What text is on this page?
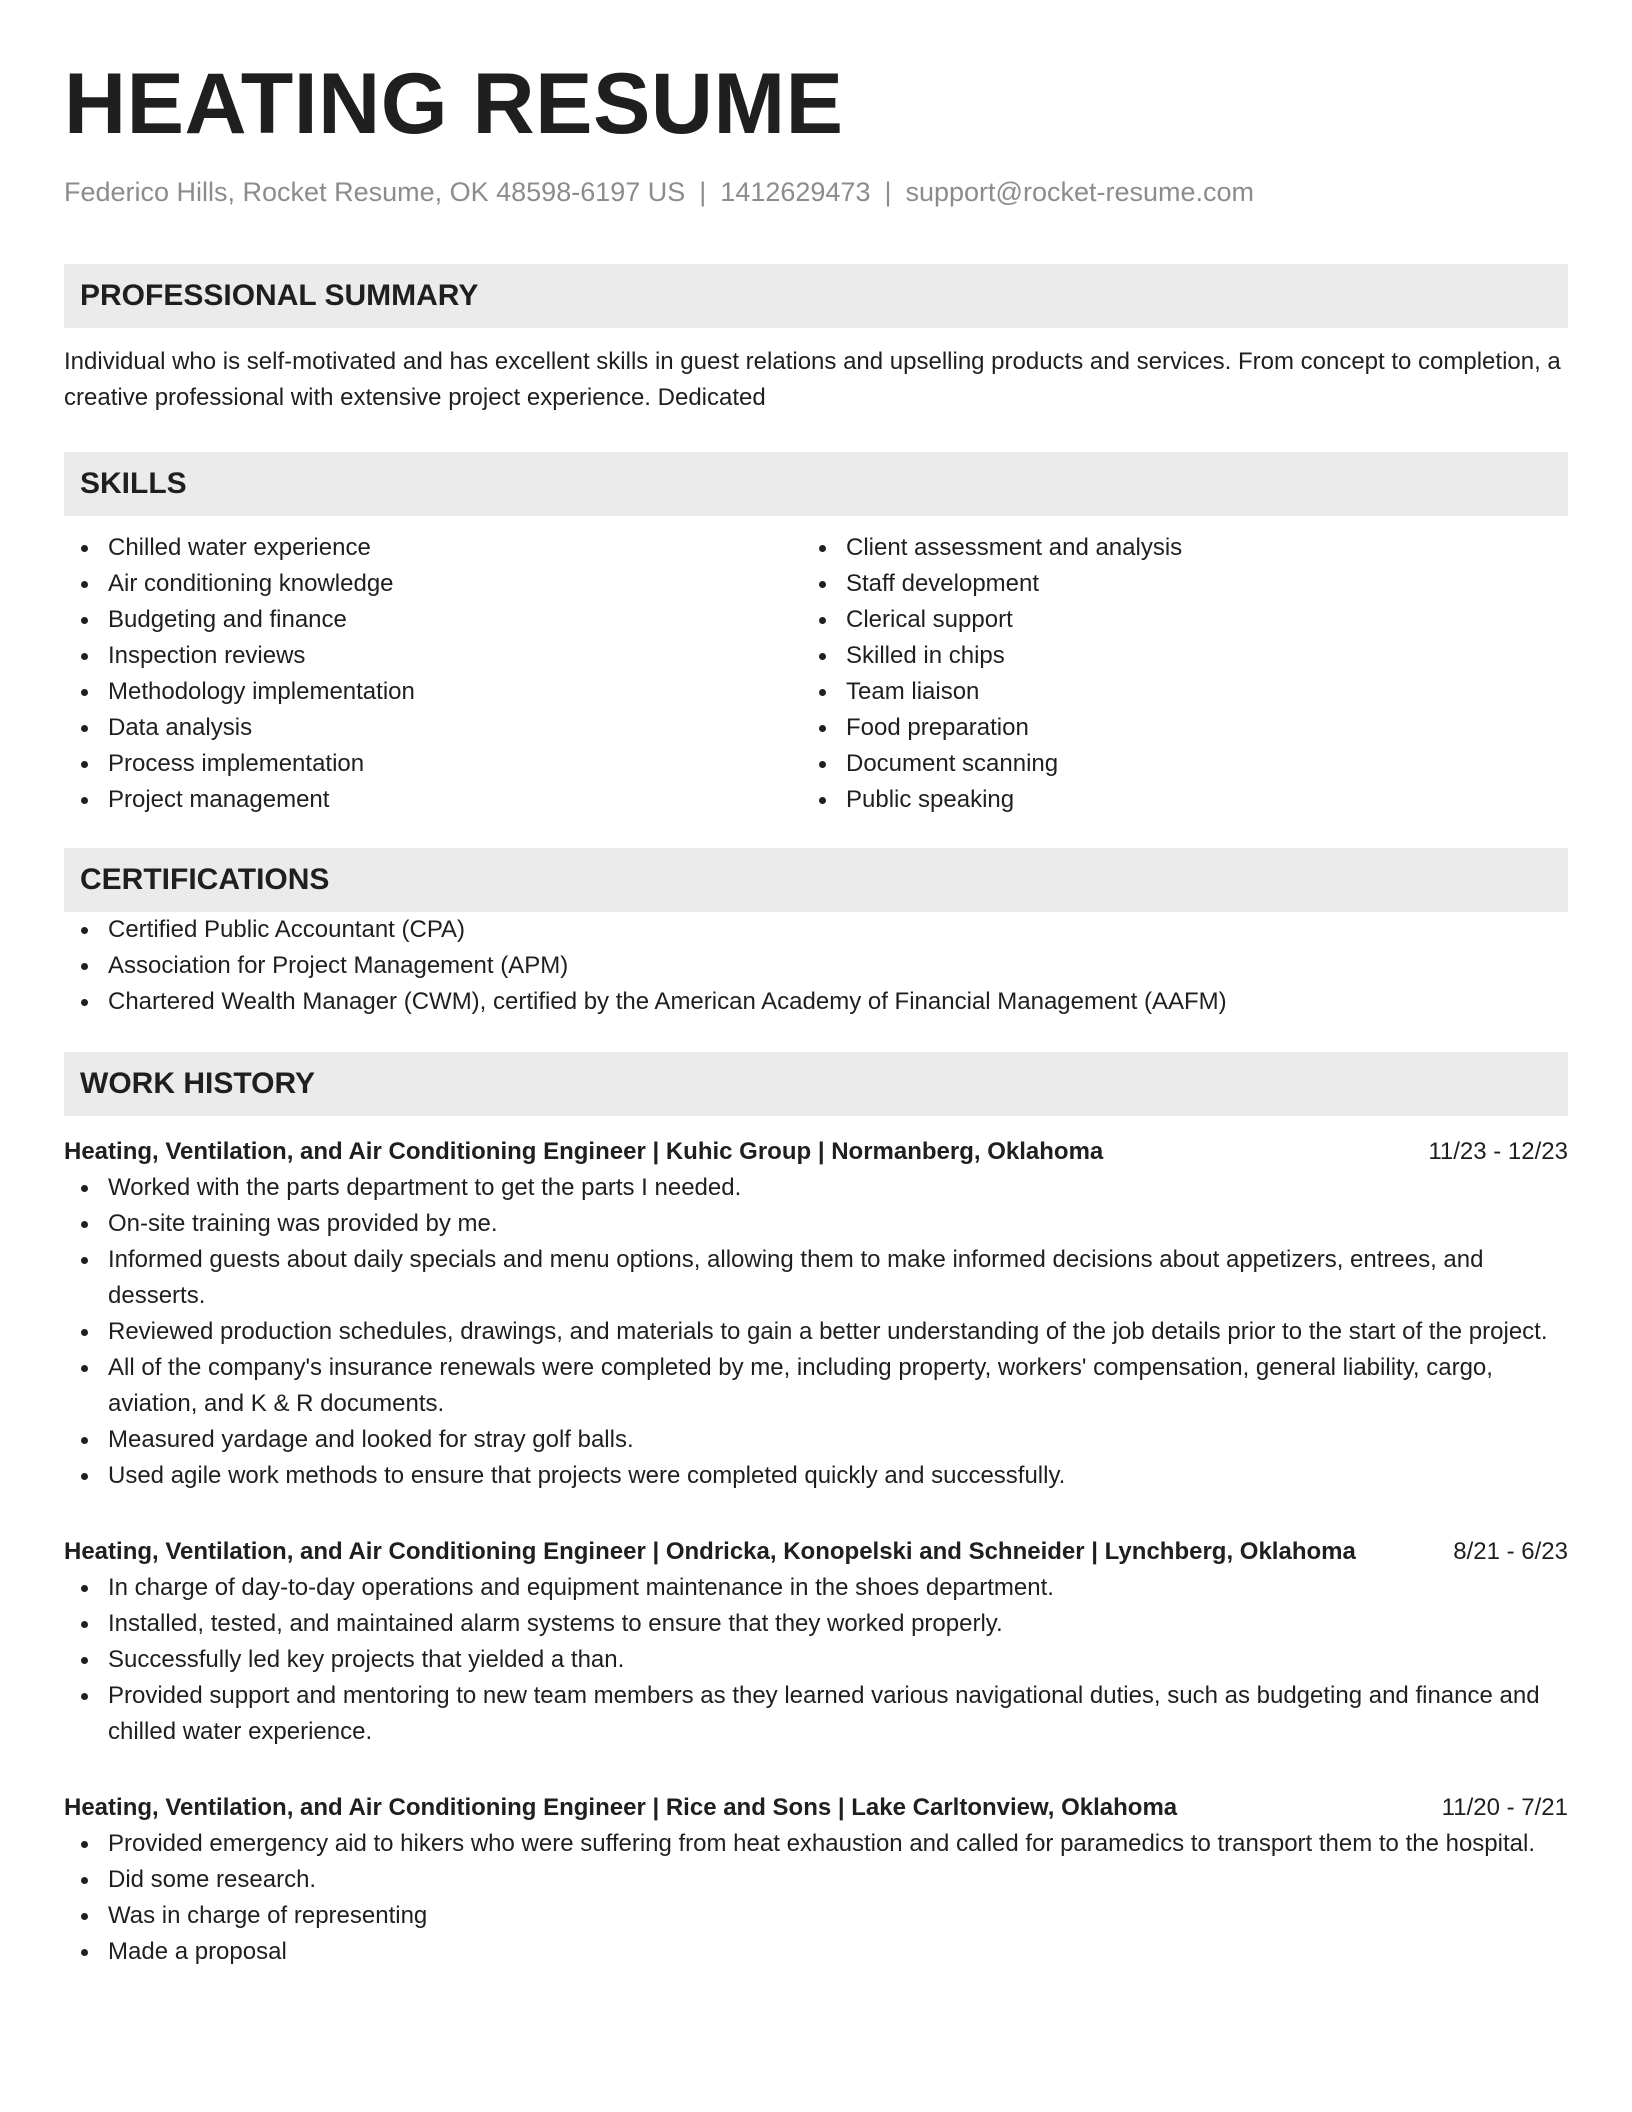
HEATING RESUME
Federico Hills, Rocket Resume, OK 48598-6197 US | 1412629473 | support@rocket-resume.com
PROFESSIONAL SUMMARY

Individual who is self-motivated and has excellent skills in guest relations and upselling products and services. From concept to completion, a creative professional with extensive project experience. Dedicated

SKILLS
Chilled water experience
Air conditioning knowledge
Budgeting and finance
Inspection reviews
Methodology implementation
Data analysis
Process implementation
Project management
Client assessment and analysis
Staff development
Clerical support
Skilled in chips
Team liaison
Food preparation
Document scanning
Public speaking
CERTIFICATIONS
Certified Public Accountant (CPA)
Association for Project Management (APM)
Chartered Wealth Manager (CWM), certified by the American Academy of Financial Management (AAFM)
WORK HISTORY
Heating, Ventilation, and Air Conditioning Engineer | Kuhic Group | Normanberg, Oklahoma	11/23 - 12/23
Worked with the parts department to get the parts I needed.
On-site training was provided by me.
Informed guests about daily specials and menu options, allowing them to make informed decisions about appetizers, entrees, and desserts.
Reviewed production schedules, drawings, and materials to gain a better understanding of the job details prior to the start of the project.
All of the company's insurance renewals were completed by me, including property, workers' compensation, general liability, cargo, aviation, and K & R documents.
Measured yardage and looked for stray golf balls.
Used agile work methods to ensure that projects were completed quickly and successfully.
Heating, Ventilation, and Air Conditioning Engineer | Ondricka, Konopelski and Schneider | Lynchberg, Oklahoma	8/21 - 6/23
In charge of day-to-day operations and equipment maintenance in the shoes department.
Installed, tested, and maintained alarm systems to ensure that they worked properly.
Successfully led key projects that yielded a than.
Provided support and mentoring to new team members as they learned various navigational duties, such as budgeting and finance and chilled water experience.
Heating, Ventilation, and Air Conditioning Engineer | Rice and Sons | Lake Carltonview, Oklahoma	11/20 - 7/21
Provided emergency aid to hikers who were suffering from heat exhaustion and called for paramedics to transport them to the hospital.
Did some research.
Was in charge of representing
Made a proposal
